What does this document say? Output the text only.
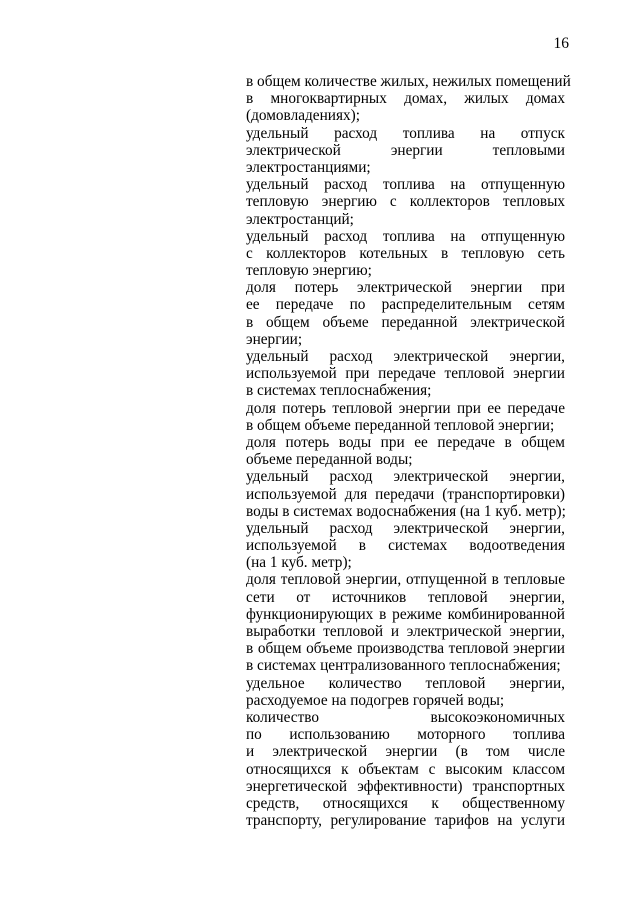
16
в общем количестве жилых, нежилых помещений
в многоквартирных домах, жилых домах
(домовладениях);
удельный расход топлива на отпуск
электрической энергии тепловыми
электростанциями;
удельный расход топлива на отпущенную
тепловую энергию с коллекторов тепловых
электростанций;
удельный расход топлива на отпущенную
с коллекторов котельных в тепловую сеть
тепловую энергию;
доля потерь электрической энергии при
ее передаче по распределительным сетям
в общем объеме переданной электрической
энергии;
удельный расход электрической энергии,
используемой при передаче тепловой энергии
в системах теплоснабжения;
доля потерь тепловой энергии при ее передаче
в общем объеме переданной тепловой энергии;
доля потерь воды при ее передаче в общем
объеме переданной воды;
удельный расход электрической энергии,
используемой для передачи (транспортировки)
воды в системах водоснабжения (на 1 куб. метр);
удельный расход электрической энергии,
используемой в системах водоотведения
(на 1 куб. метр);
доля тепловой энергии, отпущенной в тепловые
сети от источников тепловой энергии,
функционирующих в режиме комбинированной
выработки тепловой и электрической энергии,
в общем объеме производства тепловой энергии
в системах централизованного теплоснабжения;
удельное количество тепловой энергии,
расходуемое на подогрев горячей воды;
количество высокоэкономичных
по использованию моторного топлива
и электрической энергии (в том числе
относящихся к объектам с высоким классом
энергетической эффективности) транспортных
средств, относящихся к общественному
транспорту, регулирование тарифов на услуги
